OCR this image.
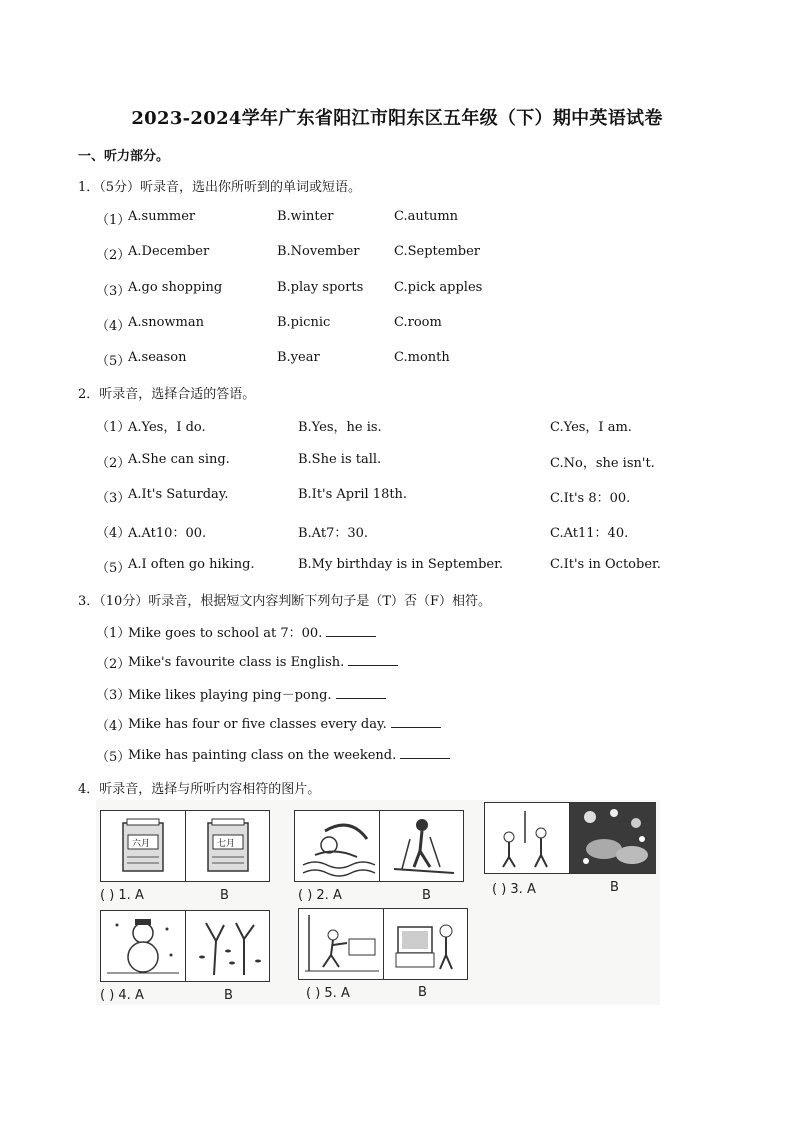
2023-2024学年广东省阳江市阳东区五年级（下）期中英语试卷
一、听力部分。
1．（5分）听录音，选出你所听到的单词或短语。
（1）
A.summer	B.winter	C.autumn
（2）
A.December	B.November	C.September
（3）
A.go shopping	B.play sports C.pick apples
（4）
A.snowman	B.picnic	C.room
（5）
A.season	B.year	C.month
2．听录音，选择合适的答语。
（1）
A.Yes，I do.	B.Yes，he is.	C.Yes，I am.
（2）
A.She can sing.	B.She is tall.	C.No，she isn't.
（3）
A.It's Saturday.	B.It's April 18th.	C.It's 8：00.
（4）
A.At10：00.	B.At7：30.	C.At11：40.
（5）
A.I often go hiking.	B.My birthday is in September.	C.It's in October.
3．（10分）听录音，根据短文内容判断下列句子是（T）否（F）相符。
（1）
Mike goes to school at 7：00.
（2）
Mike's favourite class is English.
（3）
Mike likes playing ping－pong.
（4）
Mike has four or five classes every day.
（5）
Mike has painting class on the weekend.
4．听录音，选择与所听内容相符的图片。
六月	七月
( ) 1. A	B	( ) 2. A	B	( ) 3. A	B
( ) 4. A	B	( ) 5. A	B
